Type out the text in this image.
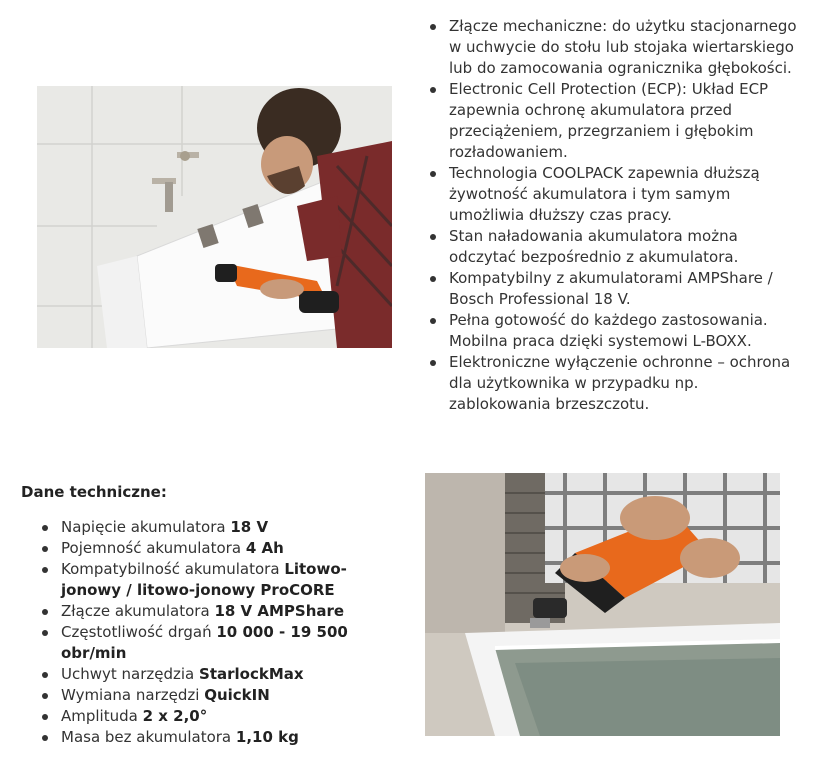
Złącze mechaniczne: do użytku stacjonarnego w uchwycie do stołu lub stojaka wiertarskiego lub do zamocowania ogranicznika głębokości.
Electronic Cell Protection (ECP): Układ ECP zapewnia ochronę akumulatora przed przeciążeniem, przegrzaniem i głębokim rozładowaniem.
Technologia COOLPACK zapewnia dłuższą żywotność akumulatora i tym samym umożliwia dłuższy czas pracy.
Stan naładowania akumulatora można odczytać bezpośrednio z akumulatora.
Kompatybilny z akumulatorami AMPShare / Bosch Professional 18 V.
Pełna gotowość do każdego zastosowania. Mobilna praca dzięki systemowi L-BOXX.
Elektroniczne wyłączenie ochronne – ochrona dla użytkownika w przypadku np. zablokowania brzeszczotu.
Dane techniczne:
Napięcie akumulatora 18 V
Pojemność akumulatora 4 Ah
Kompatybilność akumulatora Litowo-jonowy / litowo-jonowy ProCORE
Złącze akumulatora 18 V AMPShare
Częstotliwość drgań 10 000 - 19 500 obr/min
Uchwyt narzędzia StarlockMax
Wymiana narzędzi QuickIN
Amplituda 2 x 2,0°
Masa bez akumulatora 1,10 kg
